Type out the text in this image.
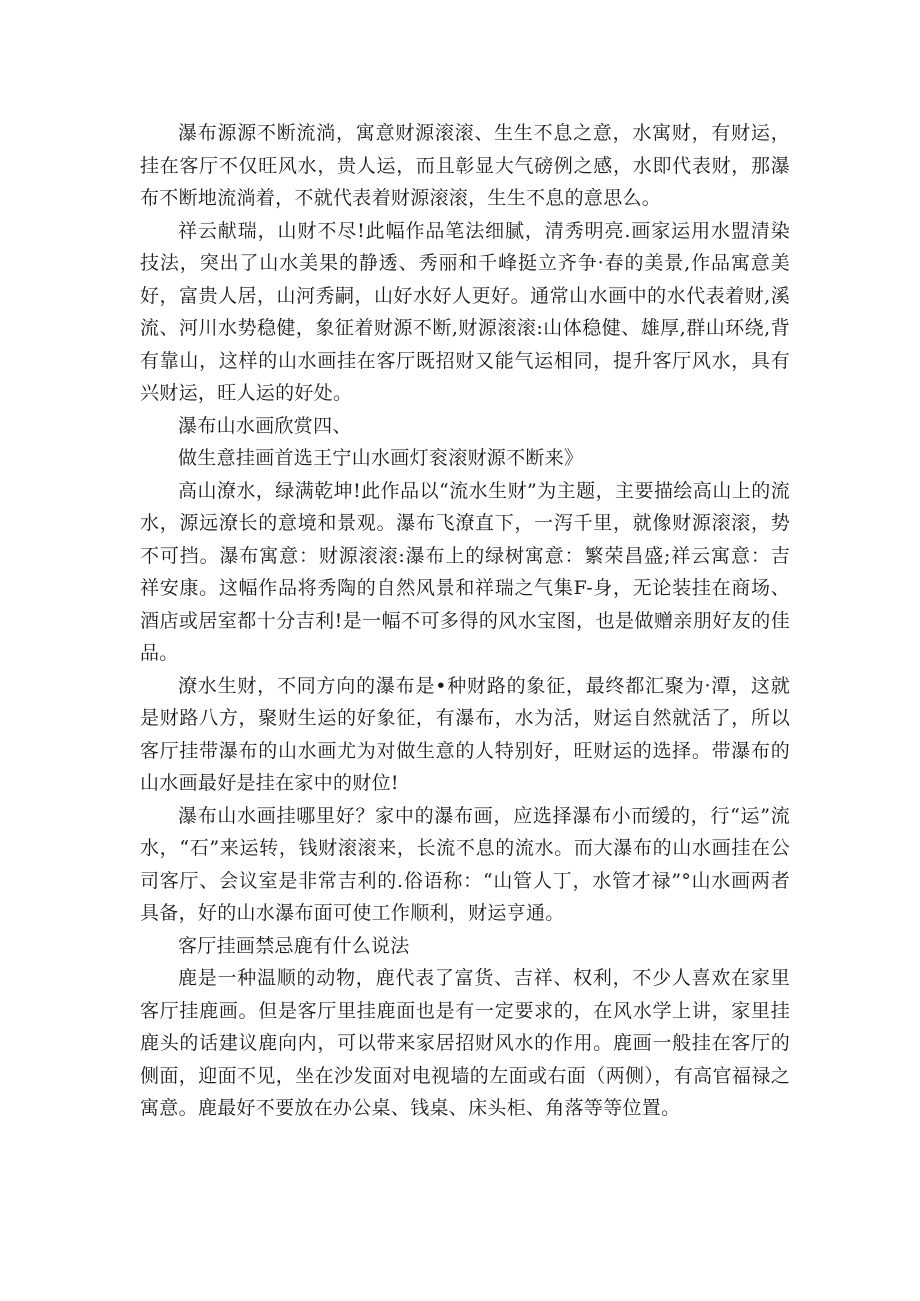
瀑布源源不断流淌，寓意财源滚滚、生生不息之意，水寓财，有财运，挂在客厅不仅旺风水，贵人运，而且彰显大气磅例之感，水即代表财，那瀑布不断地流淌着，不就代表着财源滚滚，生生不息的意思么。

祥云献瑞，山财不尽!此幅作品笔法细腻，清秀明亮.画家运用水盟清染技法，突出了山水美果的静透、秀丽和千峰挺立齐争·春的美景,作品寓意美好，富贵人居，山河秀嗣，山好水好人更好。通常山水画中的水代表着财,溪流、河川水势稳健，象征着财源不断,财源滚滚:山体稳健、雄厚,群山环绕,背有靠山，这样的山水画挂在客厅既招财又能气运相同，提升客厅风水，具有兴财运，旺人运的好处。

瀑布山水画欣赏四、

做生意挂画首选王宁山水画灯衮滚财源不断来》

高山潦水，绿满乾坤!此作品以“流水生财”为主题，主要描绘高山上的流水，源远潦长的意境和景观。瀑布飞潦直下，一泻千里，就像财源滚滚，势不可挡。瀑布寓意：财源滚滚:瀑布上的绿树寓意：繁荣昌盛;祥云寓意：吉祥安康。这幅作品将秀陶的自然风景和祥瑞之气集F-身，无论装挂在商场、酒店或居室都十分吉利!是一幅不可多得的风水宝图，也是做赠亲朋好友的佳品。

潦水生财，不同方向的瀑布是•种财路的象征，最终都汇聚为·潭，这就是财路八方，聚财生运的好象征，有瀑布，水为活，财运自然就活了，所以客厅挂带瀑布的山水画尤为对做生意的人特别好，旺财运的选择。带瀑布的山水画最好是挂在家中的财位!

瀑布山水画挂哪里好？家中的瀑布画，应选择瀑布小而缓的，行“运”流水，“石”来运转，钱财滚滚来，长流不息的流水。而大瀑布的山水画挂在公司客厅、会议室是非常吉利的.俗语称：“山管人丁，水管才禄”°山水画两者具备，好的山水瀑布面可使工作顺利，财运亨通。

客厅挂画禁忌鹿有什么说法

鹿是一种温顺的动物，鹿代表了富货、吉祥、权利，不少人喜欢在家里客厅挂鹿画。但是客厅里挂鹿面也是有一定要求的，在风水学上讲，家里挂鹿头的话建议鹿向内，可以带来家居招财风水的作用。鹿画一般挂在客厅的侧面，迎面不见，坐在沙发面对电视墙的左面或右面（两侧），有高官福禄之寓意。鹿最好不要放在办公桌、钱桌、床头柜、角落等等位置。
